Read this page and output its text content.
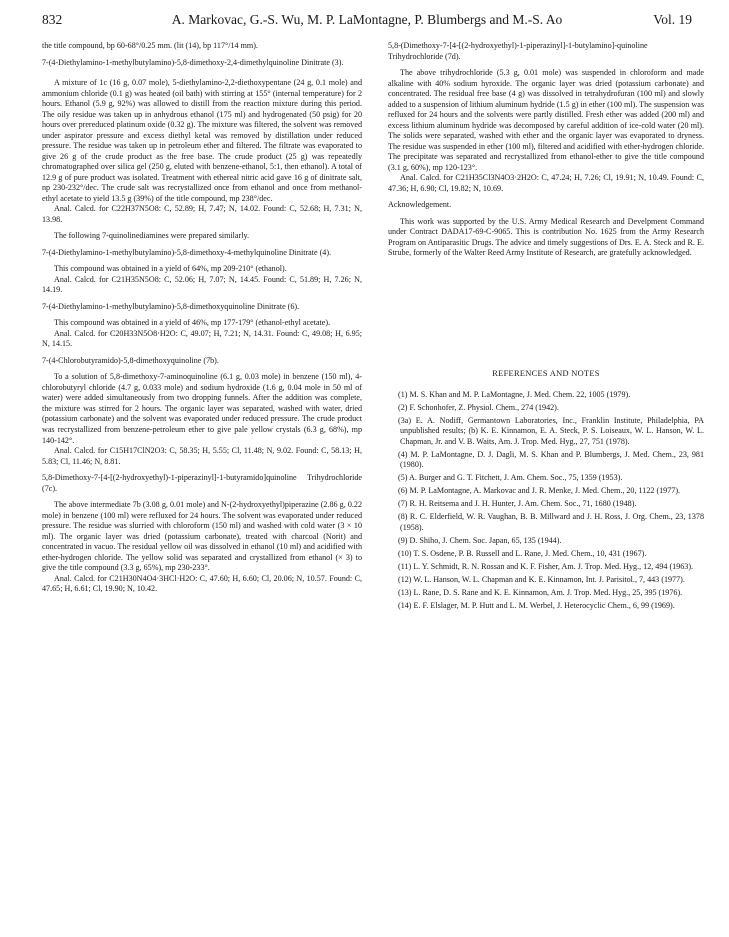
832	A. Markovac, G.-S. Wu, M. P. LaMontagne, P. Blumbergs and M.-S. Ao	Vol. 19

the title compound, bp 60-68°/0.25 mm. (lit (14), bp 117°/14 mm).

7-(4-Diethylamino-1-methylbutylamino)-5,8-dimethoxy-2,4-dimethylquinoline Dinitrate (3).

A mixture of 1c (16 g, 0.07 mole), 5-diethylamino-2,2-diethoxypentane (24 g, 0.1 mole) and ammonium chloride (0.1 g) was heated (oil bath) with stirring at 155° (internal temperature) for 2 hours. Ethanol (5.9 g, 92%) was allowed to distill from the reaction mixture during this period. The oily residue was taken up in anhydrous ethanol (175 ml) and hydrogenated (50 psig) for 20 hours over prereduced platinum oxide (0.32 g). The mixture was filtered, the solvent was removed under aspirator pressure and excess diethyl ketal was removed by distillation under reduced pressure. The residue was taken up in petroleum ether and filtered. The filtrate was evaporated to give 26 g of the crude product as the free base. The crude product (25 g) was repeatedly chromatographed over silica gel (250 g, eluted with benzene-ethanol, 5:1, then ethanol). A total of 12.9 g of pure product was isolated. Treatment with ethereal nitric acid gave 16 g of dinitrate salt, np 230-232°/dec. The crude salt was recrystallized once from ethanol and once from methanol-ethyl acetate to yield 13.5 g (39%) of the title compound, mp 238°/dec.

Anal. Calcd. for C22H37N5O8: C, 52.89; H, 7.47; N, 14.02. Found: C, 52.68; H, 7.31; N, 13.98.

The following 7-quinolinediamines were prepared similarly.

7-(4-Diethylamino-1-methylbutylamino)-5,8-dimethoxy-4-methylquinoline Dinitrate (4).

This compound was obtained in a yield of 64%, mp 209-210° (ethanol).

Anal. Calcd. for C21H35N5O8: C, 52.06; H, 7.07; N, 14.45. Found: C, 51.89; H, 7.26; N, 14.19.

7-(4-Diethylamino-1-methylbutylamino)-5,8-dimethoxyquinoline Dinitrate (6).

This compound was obtained in a yield of 46%, mp 177-179° (ethanol-ethyl acetate).

Anal. Calcd. for C20H33N5O8·H2O: C, 49.07; H, 7.21; N, 14.31. Found: C, 49.08; H, 6.95; N, 14.15.

7-(4-Chlorobutyramido)-5,8-dimethoxyquinoline (7b).

To a solution of 5,8-dimethoxy-7-aminoquinoline (6.1 g, 0.03 mole) in benzene (150 ml), 4-chlorobutyryl chloride (4.7 g, 0.033 mole) and sodium hydroxide (1.6 g, 0.04 mole in 50 ml of water) were added simultaneously from two dropping funnels. After the addition was complete, the mixture was stirred for 2 hours. The organic layer was separated, washed with water, dried (potassium carbonate) and the solvent was evaporated under reduced pressure. The crude product was recrystallized from benzene-petroleum ether to give pale yellow crystals (6.3 g, 68%), mp 140-142°.

Anal. Calcd. for C15H17ClN2O3: C, 58.35; H, 5.55; Cl, 11.48; N, 9.02. Found: C, 58.13; H, 5.83; Cl, 11.46; N, 8.81.

5,8-Dimethoxy-7-[4-[(2-hydroxyethyl)-1-piperazinyl]-1-butyramido]quinoline Trihydrochloride (7c).

The above intermediate 7b (3.08 g, 0.01 mole) and N-(2-hydroxyethyl)piperazine (2.86 g, 0.22 mole) in benzene (100 ml) were refluxed for 24 hours. The solvent was evaporated under reduced pressure. The residue was slurried with chloroform (150 ml) and washed with cold water (3 × 10 ml). The organic layer was dried (potassium carbonate), treated with charcoal (Norit) and concentrated in vacuo. The residual yellow oil was dissolved in ethanol (10 ml) and acidified with ether-hydrogen chloride. The yellow solid was separated and crystallized from ethanol (× 3) to give the title compound (3.3 g, 65%), mp 230-233°.

Anal. Calcd. for C21H30N4O4·3HCl·H2O: C, 47.60; H, 6.60; Cl, 20.06; N, 10.57. Found: C, 47.65; H, 6.61; Cl, 19.90; N, 10.42.

5,8-(Dimethoxy-7-[4-[(2-hydroxyethyl)-1-piperazinyl]-1-butylamino]-quinoline Trihydrochloride (7d).

The above trihydrochloride (5.3 g, 0.01 mole) was suspended in chloroform and made alkaline with 40% sodium hyroxide. The organic layer was dried (potassium carbonate) and concentrated. The residual free base (4 g) was dissolved in tetrahydrofuran (100 ml) and slowly added to a suspension of lithium aluminum hydride (1.5 g) in ether (100 ml). The suspension was refluxed for 24 hours and the solvents were partly distilled. Fresh ether was added (200 ml) and excess lithium aluminum hydride was decomposed by careful addition of ice-cold water (20 ml). The solids were separated, washed with ether and the organic layer was evaporated to dryness. The residue was suspended in ether (100 ml), filtered and acidified with ether-hydrogen chloride. The precipitate was separated and recrystallized from ethanol-ether to give the title compound (3.1 g, 60%), mp 120-123°.

Anal. Calcd. for C21H35Cl3N4O3·2H2O: C, 47.24; H, 7.26; Cl, 19.91; N, 10.49. Found: C, 47.36; H, 6.90; Cl, 19.82; N, 10.69.

Acknowledgement.

This work was supported by the U.S. Army Medical Research and Develpment Command under Contract DADA17-69-C-9065. This is contribution No. 1625 from the Army Research Program on Antiparasitic Drugs. The advice and timely suggestions of Drs. E. A. Steck and R. E. Strube, formerly of the Walter Reed Army Institute of Research, are gratefully acknowledged.

REFERENCES AND NOTES

(1) M. S. Khan and M. P. LaMontagne, J. Med. Chem. 22, 1005 (1979).

(2) F. Schonhofer, Z. Physiol. Chem., 274 (1942).

(3a) E. A. Nodiff, Germantown Laboratories, Inc., Franklin Institute, Philadelphia, PA unpublished results; (b) K. E. Kinnamon, E. A. Steck, P. S. Loiseaux, W. L. Hanson, W. L. Chapman, Jr. and V. B. Waits, Am. J. Trop. Med. Hyg., 27, 751 (1978).

(4) M. P. LaMontagne, D. J. Dagli, M. S. Khan and P. Blumbergs, J. Med. Chem., 23, 981 (1980).

(5) A. Burger and G. T. Fitchett, J. Am. Chem. Soc., 75, 1359 (1953).

(6) M. P. LaMontagne, A. Markovac and J. R. Menke, J. Med. Chem., 20, 1122 (1977).

(7) R. H. Reitsema and J. H. Hunter, J. Am. Chem. Soc., 71, 1680 (1948).

(8) R. C. Elderfield, W. R. Vaughan, B. B. Millward and J. H. Ross, J. Org. Chem., 23, 1378 (1958).

(9) D. Shiho, J. Chem. Soc. Japan, 65, 135 (1944).

(10) T. S. Osdene, P. B. Russell and L. Rane, J. Med. Chem., 10, 431 (1967).

(11) L. Y. Schmidt, R. N. Rossan and K. F. Fisher, Am. J. Trop. Med. Hyg., 12, 494 (1963).

(12) W. L. Hanson, W. L. Chapman and K. E. Kinnamon, Int. J. Parisitol., 7, 443 (1977).

(13) L. Rane, D. S. Rane and K. E. Kinnamon, Am. J. Trop. Med. Hyg., 25, 395 (1976).

(14) E. F. Elslager, M. P. Hutt and L. M. Werbel, J. Heterocyclic Chem., 6, 99 (1969).
